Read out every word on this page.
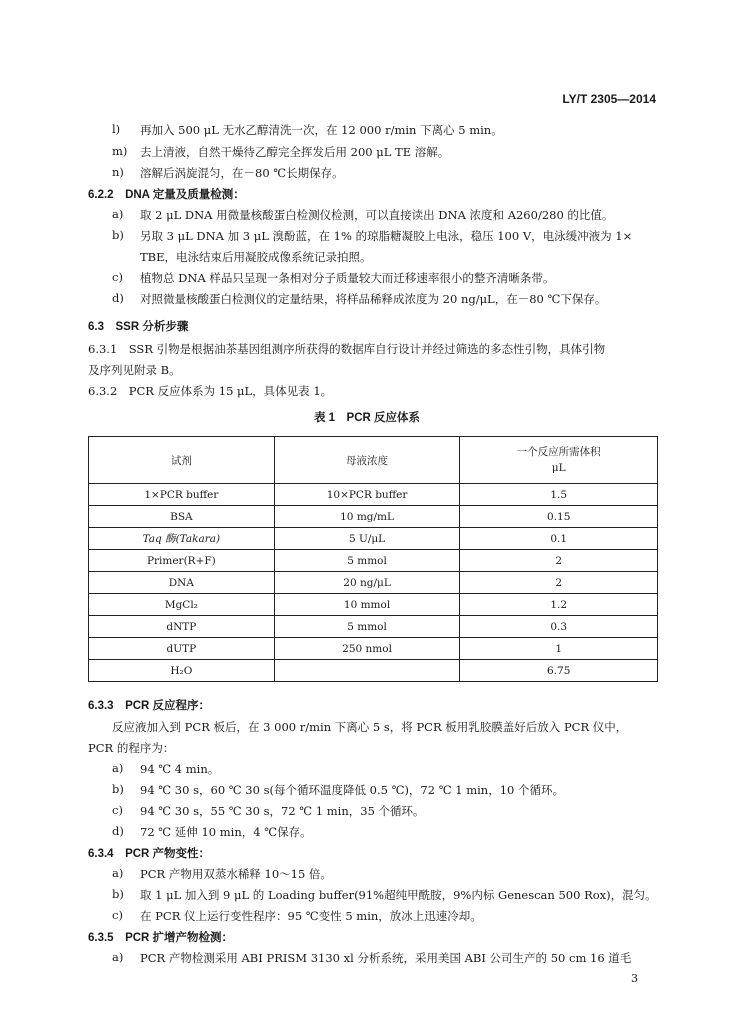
LY/T 2305—2014
l) 再加入 500 μL 无水乙醇清洗一次，在 12 000 r/min 下离心 5 min。
m) 去上清液，自然干燥待乙醇完全挥发后用 200 μL TE 溶解。
n) 溶解后涡旋混匀，在－80 ℃长期保存。
6.2.2　DNA 定量及质量检测：
a) 取 2 μL DNA 用微量核酸蛋白检测仪检测，可以直接读出 DNA 浓度和 A260/280 的比值。
b) 另取 3 μL DNA 加 3 μL 溴酚蓝，在 1% 的琼脂糖凝胶上电泳，稳压 100 V，电泳缓冲液为 1×
TBE，电泳结束后用凝胶成像系统记录拍照。
c) 植物总 DNA 样品只呈现一条相对分子质量较大而迁移速率很小的整齐清晰条带。
d) 对照微量核酸蛋白检测仪的定量结果，将样品稀释成浓度为 20 ng/μL，在－80 ℃下保存。
6.3　SSR 分析步骤
6.3.1　SSR 引物是根据油茶基因组测序所获得的数据库自行设计并经过筛选的多态性引物，具体引物
及序列见附录 B。
6.3.2　PCR 反应体系为 15 μL，具体见表 1。
表 1　PCR 反应体系
试剂	母液浓度	一个反应所需体积
μL

1×PCR buffer	10×PCR buffer	1.5
BSA	10 mg/mL	0.15
Taq 酶(Takara)	5 U/μL	0.1
Primer(R+F)	5 mmol	2
DNA	20 ng/μL	2
MgCl₂	10 mmol	1.2
dNTP	5 mmol	0.3
dUTP	250 nmol	1
H₂O		6.75
6.3.3　PCR 反应程序：
反应液加入到 PCR 板后，在 3 000 r/min 下离心 5 s，将 PCR 板用乳胶膜盖好后放入 PCR 仪中，
PCR 的程序为：
a) 94 ℃ 4 min。
b) 94 ℃ 30 s，60 ℃ 30 s(每个循环温度降低 0.5 ℃)，72 ℃ 1 min，10 个循环。
c) 94 ℃ 30 s，55 ℃ 30 s，72 ℃ 1 min，35 个循环。
d) 72 ℃ 延伸 10 min，4 ℃保存。
6.3.4　PCR 产物变性：
a) PCR 产物用双蒸水稀释 10～15 倍。
b) 取 1 μL 加入到 9 μL 的 Loading buffer(91%超纯甲酰胺，9%内标 Genescan 500 Rox)，混匀。
c) 在 PCR 仪上运行变性程序：95 ℃变性 5 min，放冰上迅速冷却。
6.3.5　PCR 扩增产物检测：
a) PCR 产物检测采用 ABI PRISM 3130 xl 分析系统，采用美国 ABI 公司生产的 50 cm 16 道毛
3
